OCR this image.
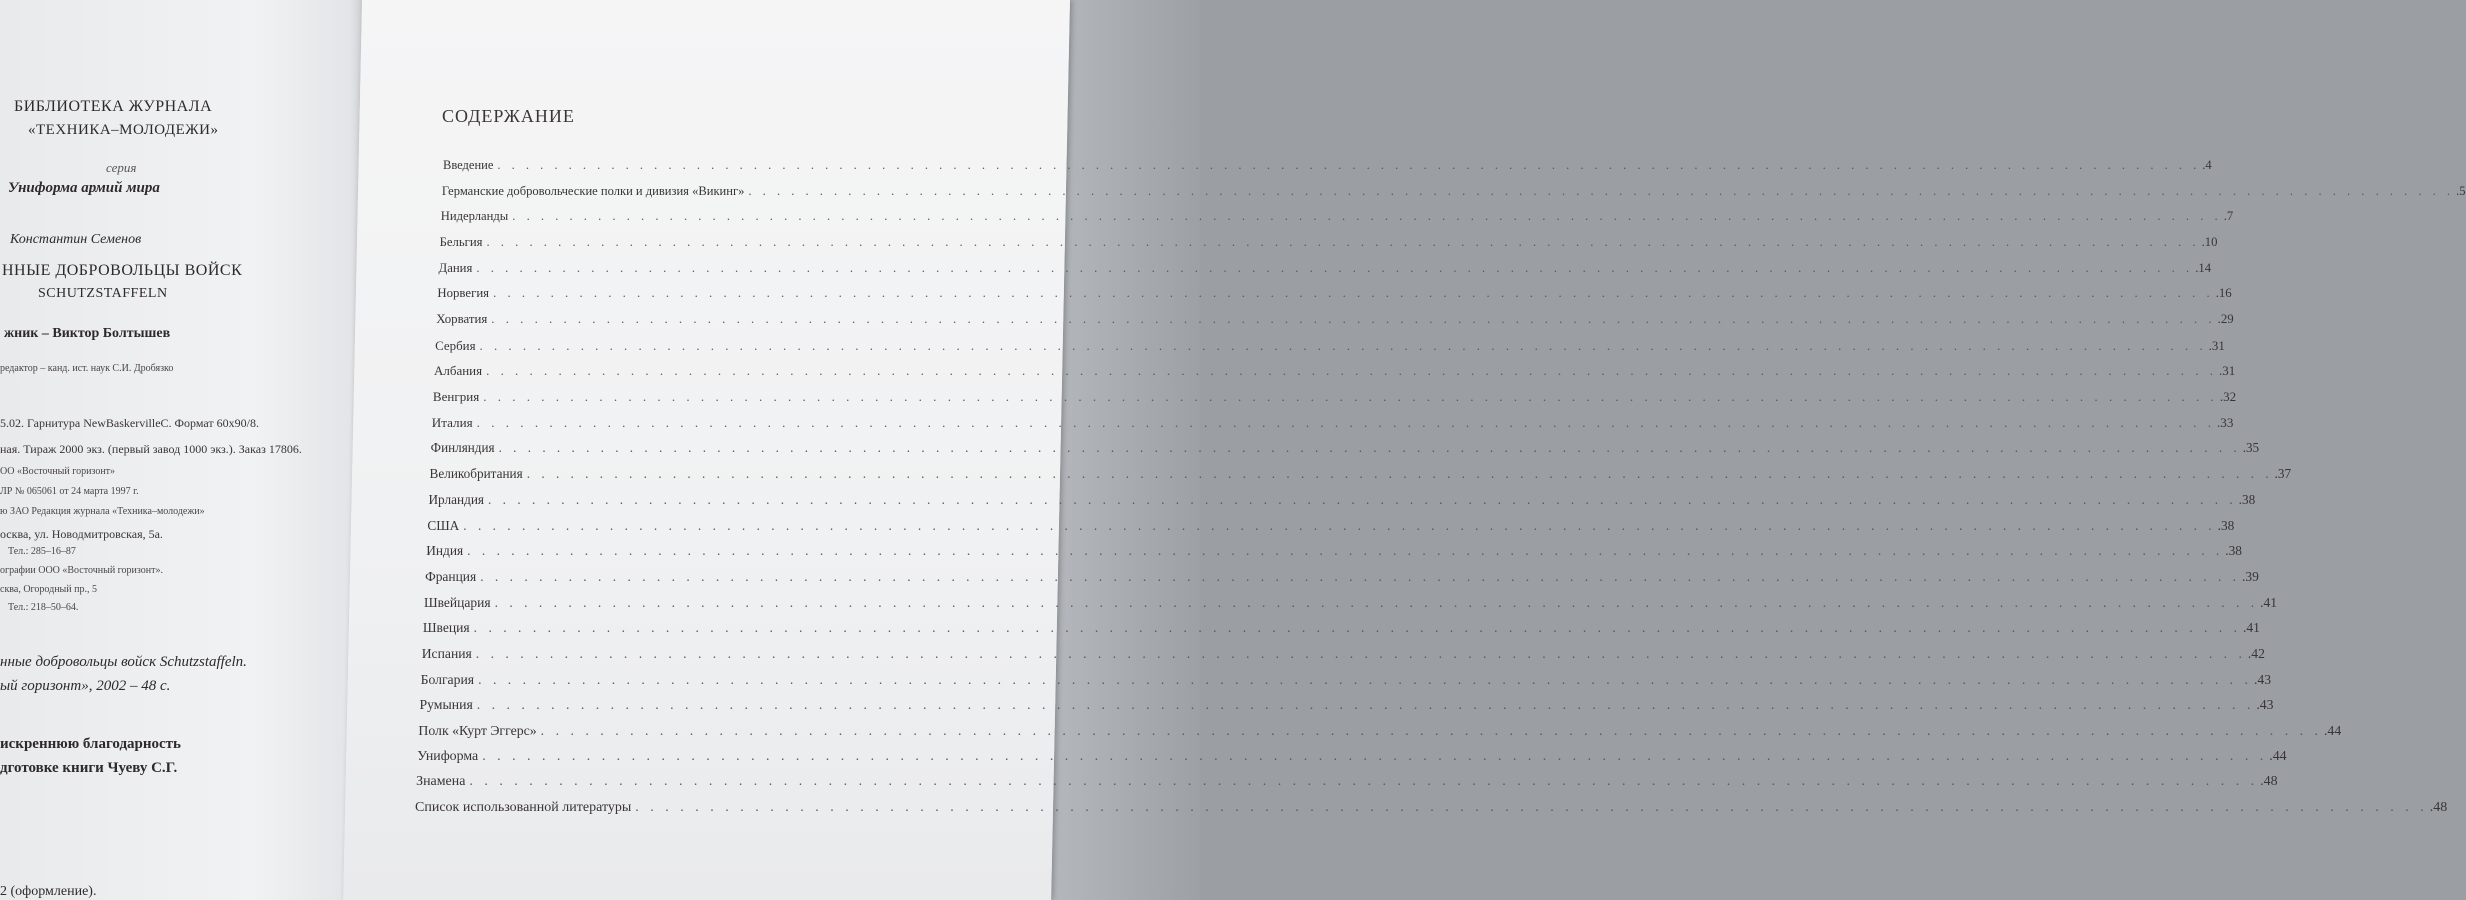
БИБЛИОТЕКА ЖУРНАЛА
«ТЕХНИКА–МОЛОДЕЖИ»
серия
Униформа армий мира
Константин Семенов
ННЫЕ ДОБРОВОЛЬЦЫ ВОЙСК
SCHUTZSTAFFELN
жник – Виктор Болтышев
редактор – канд. ист. наук С.И. Дробязко
5.02. Гарнитура NewBaskervilleC. Формат 60x90/8.
ная. Тираж 2000 экз. (первый завод 1000 экз.). Заказ 17806.
ОО «Восточный горизонт»
ЛР № 065061 от 24 марта 1997 г.
ю ЗАО Редакция журнала «Техника–молодежи»
осква, ул. Новодмитровская, 5а.
Тел.: 285–16–87
ографии ООО «Восточный горизонт».
сква, Огородный пр., 5
Тел.: 218–50–64.
нные добровольцы войск Schutzstaffeln.
ый горизонт», 2002 – 48 с.
искреннюю благодарность
дготовке книги Чуеву С.Г.
2 (оформление).
СОДЕРЖАНИЕ
Введение . . . . . . . . . . . . . . . . . . . . . . . . . . . . . . . . . . . . . . . . . . . . . . . . . . . . . . . . . . . . . . . . . . . . . . . . . . . . . . . . . . . . . . . . . . . . . . . . . . . . . . . . . . . . . . . . . . . . . . . . .4
Германские добровольческие полки и дивизия «Викинг» . . . . . . . . . . . . . . . . . . . . . . . . . . . . . . . . . . . . . . . . . . . . . . . . . . . . . . . . . . . . . . . . . . . . . . . . . . . . . . . . . . . . . . . . . . . . . . . . . . . . . . . . . . . . . . . . . . . . . . . . .5
Нидерланды . . . . . . . . . . . . . . . . . . . . . . . . . . . . . . . . . . . . . . . . . . . . . . . . . . . . . . . . . . . . . . . . . . . . . . . . . . . . . . . . . . . . . . . . . . . . . . . . . . . . . . . . . . . . . . . . . . . . . . . . .7
Бельгия . . . . . . . . . . . . . . . . . . . . . . . . . . . . . . . . . . . . . . . . . . . . . . . . . . . . . . . . . . . . . . . . . . . . . . . . . . . . . . . . . . . . . . . . . . . . . . . . . . . . . . . . . . . . . . . . . . . . . . . . .10
Дания . . . . . . . . . . . . . . . . . . . . . . . . . . . . . . . . . . . . . . . . . . . . . . . . . . . . . . . . . . . . . . . . . . . . . . . . . . . . . . . . . . . . . . . . . . . . . . . . . . . . . . . . . . . . . . . . . . . . . . . . .14
Норвегия . . . . . . . . . . . . . . . . . . . . . . . . . . . . . . . . . . . . . . . . . . . . . . . . . . . . . . . . . . . . . . . . . . . . . . . . . . . . . . . . . . . . . . . . . . . . . . . . . . . . . . . . . . . . . . . . . . . . . . . . .16
Хорватия . . . . . . . . . . . . . . . . . . . . . . . . . . . . . . . . . . . . . . . . . . . . . . . . . . . . . . . . . . . . . . . . . . . . . . . . . . . . . . . . . . . . . . . . . . . . . . . . . . . . . . . . . . . . . . . . . . . . . . . . .29
Сербия . . . . . . . . . . . . . . . . . . . . . . . . . . . . . . . . . . . . . . . . . . . . . . . . . . . . . . . . . . . . . . . . . . . . . . . . . . . . . . . . . . . . . . . . . . . . . . . . . . . . . . . . . . . . . . . . . . . . . . . . .31
Албания . . . . . . . . . . . . . . . . . . . . . . . . . . . . . . . . . . . . . . . . . . . . . . . . . . . . . . . . . . . . . . . . . . . . . . . . . . . . . . . . . . . . . . . . . . . . . . . . . . . . . . . . . . . . . . . . . . . . . . . . .31
Венгрия . . . . . . . . . . . . . . . . . . . . . . . . . . . . . . . . . . . . . . . . . . . . . . . . . . . . . . . . . . . . . . . . . . . . . . . . . . . . . . . . . . . . . . . . . . . . . . . . . . . . . . . . . . . . . . . . . . . . . . . . .32
Италия . . . . . . . . . . . . . . . . . . . . . . . . . . . . . . . . . . . . . . . . . . . . . . . . . . . . . . . . . . . . . . . . . . . . . . . . . . . . . . . . . . . . . . . . . . . . . . . . . . . . . . . . . . . . . . . . . . . . . . . . .33
Финляндия . . . . . . . . . . . . . . . . . . . . . . . . . . . . . . . . . . . . . . . . . . . . . . . . . . . . . . . . . . . . . . . . . . . . . . . . . . . . . . . . . . . . . . . . . . . . . . . . . . . . . . . . . . . . . . . . . . . . . . . . .35
Великобритания . . . . . . . . . . . . . . . . . . . . . . . . . . . . . . . . . . . . . . . . . . . . . . . . . . . . . . . . . . . . . . . . . . . . . . . . . . . . . . . . . . . . . . . . . . . . . . . . . . . . . . . . . . . . . . . . . . . . . . . . .37
Ирландия . . . . . . . . . . . . . . . . . . . . . . . . . . . . . . . . . . . . . . . . . . . . . . . . . . . . . . . . . . . . . . . . . . . . . . . . . . . . . . . . . . . . . . . . . . . . . . . . . . . . . . . . . . . . . . . . . . . . . . . . .38
США . . . . . . . . . . . . . . . . . . . . . . . . . . . . . . . . . . . . . . . . . . . . . . . . . . . . . . . . . . . . . . . . . . . . . . . . . . . . . . . . . . . . . . . . . . . . . . . . . . . . . . . . . . . . . . . . . . . . . . . . .38
Индия . . . . . . . . . . . . . . . . . . . . . . . . . . . . . . . . . . . . . . . . . . . . . . . . . . . . . . . . . . . . . . . . . . . . . . . . . . . . . . . . . . . . . . . . . . . . . . . . . . . . . . . . . . . . . . . . . . . . . . . . .38
Франция . . . . . . . . . . . . . . . . . . . . . . . . . . . . . . . . . . . . . . . . . . . . . . . . . . . . . . . . . . . . . . . . . . . . . . . . . . . . . . . . . . . . . . . . . . . . . . . . . . . . . . . . . . . . . . . . . . . . . . . . .39
Швейцария . . . . . . . . . . . . . . . . . . . . . . . . . . . . . . . . . . . . . . . . . . . . . . . . . . . . . . . . . . . . . . . . . . . . . . . . . . . . . . . . . . . . . . . . . . . . . . . . . . . . . . . . . . . . . . . . . . . . . . . . .41
Швеция . . . . . . . . . . . . . . . . . . . . . . . . . . . . . . . . . . . . . . . . . . . . . . . . . . . . . . . . . . . . . . . . . . . . . . . . . . . . . . . . . . . . . . . . . . . . . . . . . . . . . . . . . . . . . . . . . . . . . . . . .41
Испания . . . . . . . . . . . . . . . . . . . . . . . . . . . . . . . . . . . . . . . . . . . . . . . . . . . . . . . . . . . . . . . . . . . . . . . . . . . . . . . . . . . . . . . . . . . . . . . . . . . . . . . . . . . . . . . . . . . . . . . . .42
Болгария . . . . . . . . . . . . . . . . . . . . . . . . . . . . . . . . . . . . . . . . . . . . . . . . . . . . . . . . . . . . . . . . . . . . . . . . . . . . . . . . . . . . . . . . . . . . . . . . . . . . . . . . . . . . . . . . . . . . . . . . .43
Румыния . . . . . . . . . . . . . . . . . . . . . . . . . . . . . . . . . . . . . . . . . . . . . . . . . . . . . . . . . . . . . . . . . . . . . . . . . . . . . . . . . . . . . . . . . . . . . . . . . . . . . . . . . . . . . . . . . . . . . . . . .43
Полк «Курт Эггерс» . . . . . . . . . . . . . . . . . . . . . . . . . . . . . . . . . . . . . . . . . . . . . . . . . . . . . . . . . . . . . . . . . . . . . . . . . . . . . . . . . . . . . . . . . . . . . . . . . . . . . . . . . . . . . . . . . . . . . . . . .44
Униформа . . . . . . . . . . . . . . . . . . . . . . . . . . . . . . . . . . . . . . . . . . . . . . . . . . . . . . . . . . . . . . . . . . . . . . . . . . . . . . . . . . . . . . . . . . . . . . . . . . . . . . . . . . . . . . . . . . . . . . . . .44
Знамена . . . . . . . . . . . . . . . . . . . . . . . . . . . . . . . . . . . . . . . . . . . . . . . . . . . . . . . . . . . . . . . . . . . . . . . . . . . . . . . . . . . . . . . . . . . . . . . . . . . . . . . . . . . . . . . . . . . . . . . . .48
Список использованной литературы . . . . . . . . . . . . . . . . . . . . . . . . . . . . . . . . . . . . . . . . . . . . . . . . . . . . . . . . . . . . . . . . . . . . . . . . . . . . . . . . . . . . . . . . . . . . . . . . . . . . . . . . . . . . . . . . . . . . . . . . .48
